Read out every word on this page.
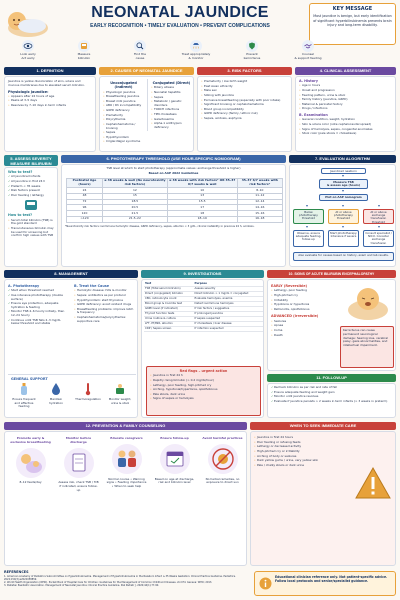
NEONATAL JAUNDICE
EARLY RECOGNITION • TIMELY EVALUATION • PREVENT COMPLICATIONS
KEY MESSAGE
Most jaundice is benign, but early identification of significant hyperbilirubinemia prevents brain injury and long-term disability.
Look early
Act early
Measure
bilirubin
Find the
cause
Treat appropriately
& monitor
Prevent
kernicterus
Counsel
& support feeding
1. DEFINITION
Jaundice is yellow discoloration of skin, sclera and mucous membranes due to elevated serum bilirubin.
Physiologic jaundice:
• Appears after 24 hours of age
• Peaks at 3–5 days
• Resolves by 7–10 days in term infants
2. CAUSES OF NEONATAL JAUNDICE
Unconjugated (Indirect)
• Physiologic jaundice
• Breastfeeding jaundice
• Breast milk jaundice
• ABO / Rh incompatibility
• G6PD deficiency
• Prematurity
• Polycythemia
• Cephalohematoma / bruising
• Sepsis
• Hypothyroidism
• Crigler-Najjar syndrome
Conjugated (Direct)
• Biliary atresia
• Neonatal hepatitis
• Sepsis
• Metabolic / genetic disorders
• TORCH infections
• TPN cholestasis
• Galactosemia
• Alpha-1 antitrypsin deficiency
3. RISK FACTORS
• Prematurity / low birth weight
• East Asian ethnicity
• Male sex
• Sibling with jaundice
• Exclusive breastfeeding (especially with poor intake)
• Significant bruising or cephalohematoma
• Blood group incompatibility
• G6PD deficiency (family / ethnic risk)
• Sepsis, acidosis, asphyxia
4. CLINICAL ASSESSMENT
A. History
• Age in hours
• Onset and progression
• Feeding pattern, urine & stool
• Family history (jaundice, G6PD)
• Maternal & perinatal history
• Drugs / infections
B. Examination
• General condition, weight, hydration
• Skin & sclera color (note cephalocaudal spread)
• Signs of hemolysis, sepsis, congenital anomalies
• Stool color (pale stools = cholestasis)
5. ASSESS SEVERITY MEASURE BILIRUBIN
Who to test?
✓ All jaundiced infants
✓ All jaundice in first 24 h
✓ Preterm < 35 weeks
✓ Risk factors present
✓ Poor feeding / lethargy
How to test?
• Serum total bilirubin (TSB) is the gold standard
• Transcutaneous bilirubin may be used for screening but confirm high values with TSB
6. PHOTOTHERAPY THRESHOLD (USE HOUR-SPECIFIC NOMOGRAM)
TSB level at which to start phototherapy (approximate values: exchange threshold is higher)
Based on AAP 2022 Guidelines
Postnatal Age (hours)	≥ 38 weeks & well (No neurotoxicity risk factors)	≥ 38 weeks with risk factors* OR 35–37 6/7 weeks & well	35–37 6/7 weeks with risk factors*
24	12	10	8–10
48	15	13	11–12
72	18.5	15.5	12–14
96	20.5	17	14–16
120	21.5	18	15–16
>120	21.5–22	18–19	16–18
*Neurotoxicity risk factors: isoimmune hemolytic disease, G6PD deficiency, sepsis, albumin < 3 g/dL, clinical instability in previous 24 h, acidosis.
7. EVALUATION ALGORITHM
Jaundiced newborn
Measure TSB
& assess age (hours)
Plot on AAP nomogram
Below phototherapy threshold
At or above phototherapy threshold
At or above exchange transfusion threshold
Observe, ensure adequate feeding, follow-up
Start phototherapy. Intensive if severe
Consult specialist / NICU. Consider exchange transfusion
Also evaluate for causes based on history, exam and lab results.
8. MANAGEMENT
A. Phototherapy
✓ Start when threshold reached
✓ Use intensive phototherapy (double surface)
✓ Ensure eye protection, adequate hydration & feeding
✓ Monitor TSB 4–6 hourly initially, then 12–24 hourly
✓ Continue until TSB falls 2–3 mg/dL below threshold and stable
B. Treat the Cause
• Hemolytic disease: IVIG & monitor
• Sepsis: antibiotics as per protocol
• Hypothyroidism: start thyroxine
• G6PD deficiency: avoid oxidant drugs
• Breastfeeding problems: improve latch & frequency
• Cephalohematoma/polycythemia: supportive care
GENERAL SUPPORT
Ensure frequent and effective feeding
Maintain hydration
Thermoregulation	Monitor weight, urine & stool
9. INVESTIGATIONS
Test	Purpose
TSB (Total serum bilirubin)	Assess severity
Direct (conjugated) bilirubin	Direct bilirubin > 1 mg/dL = conjugated
CBC, reticulocyte count	Evaluate hemolysis, anemia
Blood group & Coombs test	Detect isoimmune hemolysis
G6PD level (if indicated)	If risk factors / suggestive
Thyroid function tests	If prolonged jaundice
Urine routine & culture	If sepsis suspected
LFT, PT/INR, albumin	If cholestasis / liver disease
CRP / Sepsis screen	If infection suspected
Red flags – urgent action
• Jaundice in first 24 h
• Rapidly rising bilirubin (> 0.2 mg/dL/hour)
• Lethargy, poor feeding, high-pitched cry
• Arching, hypotonia/hypertonia, opisthotonus
• Pale stools, dark urine
• Signs of sepsis or hemolysis
10. SIGNS OF ACUTE BILIRUBIN ENCEPHALOPATHY
EARLY (Reversible)
• Lethargy, poor feeding
• High-pitched cry
• Irritability
• Hypotonia or hypertonia
• Retrocollis, opisthotonus
ADVANCED (Irreversible)
• Seizures
• Apnea
• Coma
• Death
Kernicterus can cause permanent neurological damage: hearing loss, cerebral palsy, gaze abnormalities, and intellectual impairment.
11. FOLLOW-UP
✓ Recheck bilirubin as per risk and rate of fall
✓ Ensure adequate feeding and weight gain
✓ Monitor until jaundice resolves
✓ Evaluate if jaundice persists > 2 weeks in term infants (> 3 weeks in preterm)
12. PREVENTION & FAMILY COUNSELING
Promote early & exclusive breastfeeding
8–12 feeds/day
Monitor before discharge
Assess risk, check TSB / TcB if indicated, ensure follow-up
Educate caregivers
Normal course • Warning signs • Feeding importance • When to seek help
Ensure follow-up
Based on age at discharge, risk and bilirubin level
Avoid harmful practices
No herbal remedies, no exposure to direct sun
WHEN TO SEEK IMMEDIATE CARE
• Jaundice in first 24 hours
• Poor feeding or refusing feeds
• Lethargy or decreased activity
• High-pitched cry or irritability
• Arching of body or seizures
• Dark yellow gums / urine, very yellow skin
• Pale / chalky stools or dark urine
REFERENCES
1. American Academy of Pediatrics Subcommittee on Hyperbilirubinemia. Management of Hyperbilirubinemia in the Newborn Infant ≥ 35 Weeks Gestation: Clinical Practice Guideline. Pediatrics. 2022;150(3):e2022058859.
2. World Health Organization (WHO). Pocket Book of Hospital Care for Children: Guidelines for the Management of Common Childhood Illnesses. 2nd Ed. Geneva: WHO; 2013.
3. Pakistan Paediatric Association. Management of Neonatal Jaundice: Clinical Practice Guideline. Pak Pediatr J. 2020;44(1):77-90.
Educational clinician reference only. Not patient-specific advice. Follow local protocols and senior/specialist guidance.
